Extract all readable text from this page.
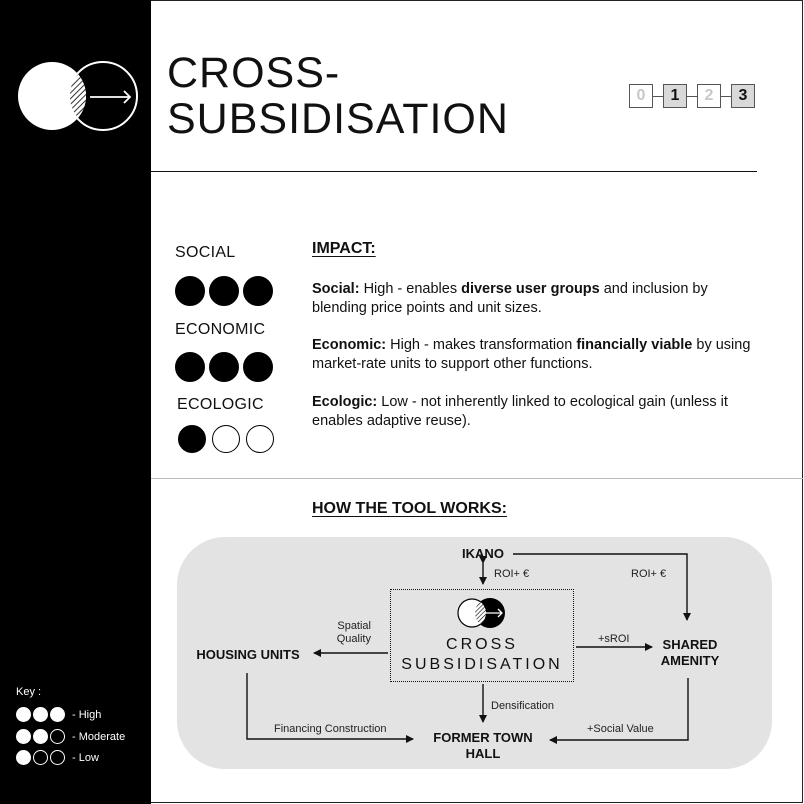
Key :
- High
- Moderate
- Low
CROSS-
SUBSIDISATION	0	1	2	3
SOCIAL
ECONOMIC
ECOLOGIC
IMPACT:
Social: High - enables diverse user groups and inclusion by blending price points and unit sizes.
Economic: High - makes transformation financially viable by using market-rate units to support other functions.
Ecologic: Low - not inherently linked to ecological gain (unless it enables adaptive reuse).
HOW THE TOOL WORKS:
CROSS
SUBSIDISATION
IKANO
HOUSING UNITS
SHARED
AMENITY
FORMER TOWN
HALL
ROI+ €	ROI+ €
Spatial
Quality	+sROI
Densification
Financing Construction	+Social Value
